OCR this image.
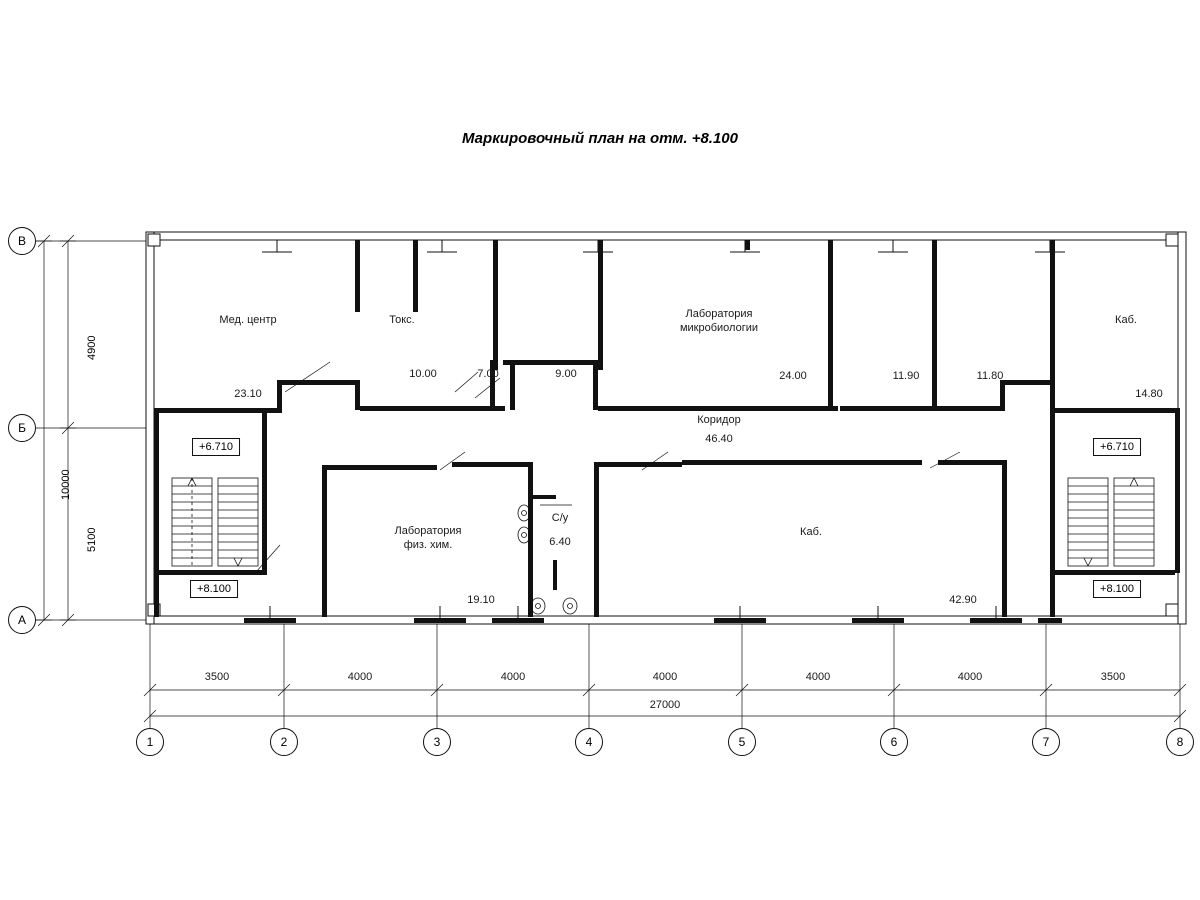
Маркировочный план на отм. +8.100
Мед. центр	Токс.	Лаборатория
микробиологии
Каб.
Коридор
Лаборатория
физ. хим.
С/у
Каб.
23.10
10.00	7.00	9.00	24.00	11.90	11.80
14.80
46.40
19.10
6.40
42.90
+6.710
+8.100
+6.710
+8.100
В
Б
А
1	2	3	4	5	6	7	8
3500	4000	4000	4000	4000	4000	3500
27000
4900
5100
10000
